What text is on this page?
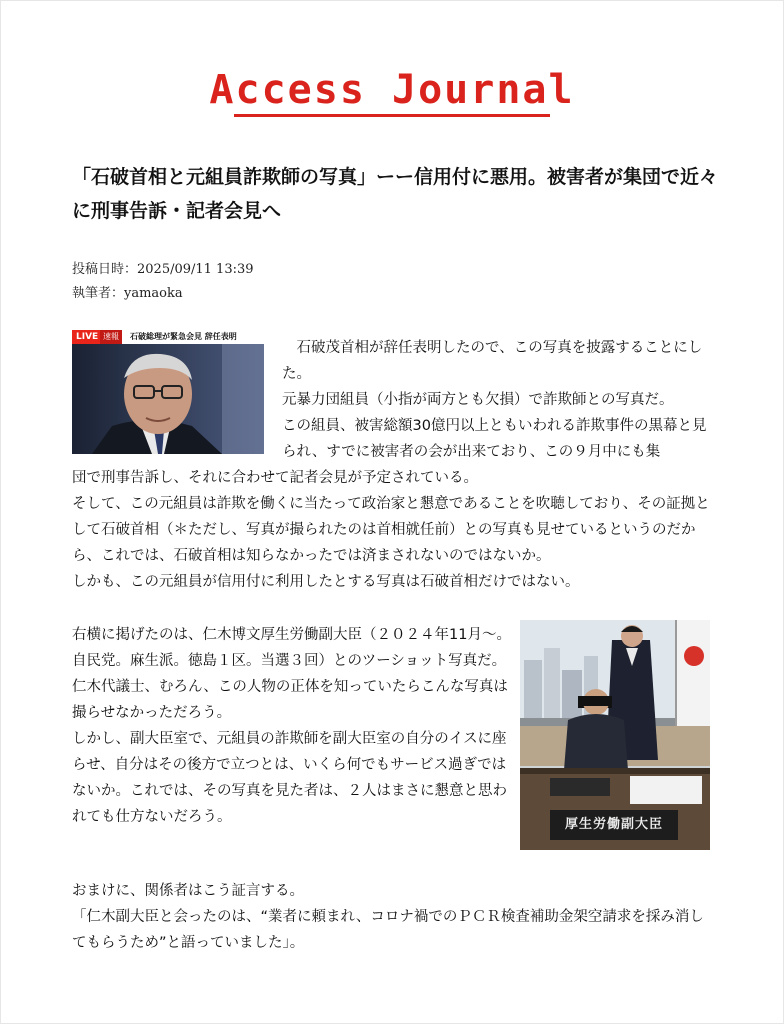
Access Journal
「石破首相と元組員詐欺師の写真」ーー信用付に悪用。被害者が集団で近々に刑事告訴・記者会見へ
投稿日時：2025/09/11 13:39
執筆者：yamaoka
LIVE 速報	石破総理が緊急会見 辞任表明
厚生労働副大臣

石破茂首相が辞任表明したので、この写真を披露することにした。

元暴力団組員（小指が両方とも欠損）で詐欺師との写真だ。

この組員、被害総額30億円以上ともいわれる詐欺事件の黒幕と見られ、すでに被害者の会が出来ており、この９月中にも集

団で刑事告訴し、それに合わせて記者会見が予定されている。

そして、この元組員は詐欺を働くに当たって政治家と懇意であることを吹聴しており、その証拠として石破首相（＊ただし、写真が撮られたのは首相就任前）との写真も見せているというのだから、これでは、石破首相は知らなかったでは済まされないのではないか。

しかも、この元組員が信用付に利用したとする写真は石破首相だけではない。

右横に掲げたのは、仁木博文厚生労働副大臣（２０２４年11月〜。自民党。麻生派。徳島１区。当選３回）とのツーショット写真だ。

仁木代議士、むろん、この人物の正体を知っていたらこんな写真は撮らせなかっただろう。

しかし、副大臣室で、元組員の詐欺師を副大臣室の自分のイスに座らせ、自分はその後方で立つとは、いくら何でもサービス過ぎではないか。これでは、その写真を見た者は、２人はまさに懇意と思われても仕方ないだろう。

おまけに、関係者はこう証言する。

「仁木副大臣と会ったのは、“業者に頼まれ、コロナ禍でのＰＣＲ検査補助金架空請求を採み消してもらうため”と語っていました」。
